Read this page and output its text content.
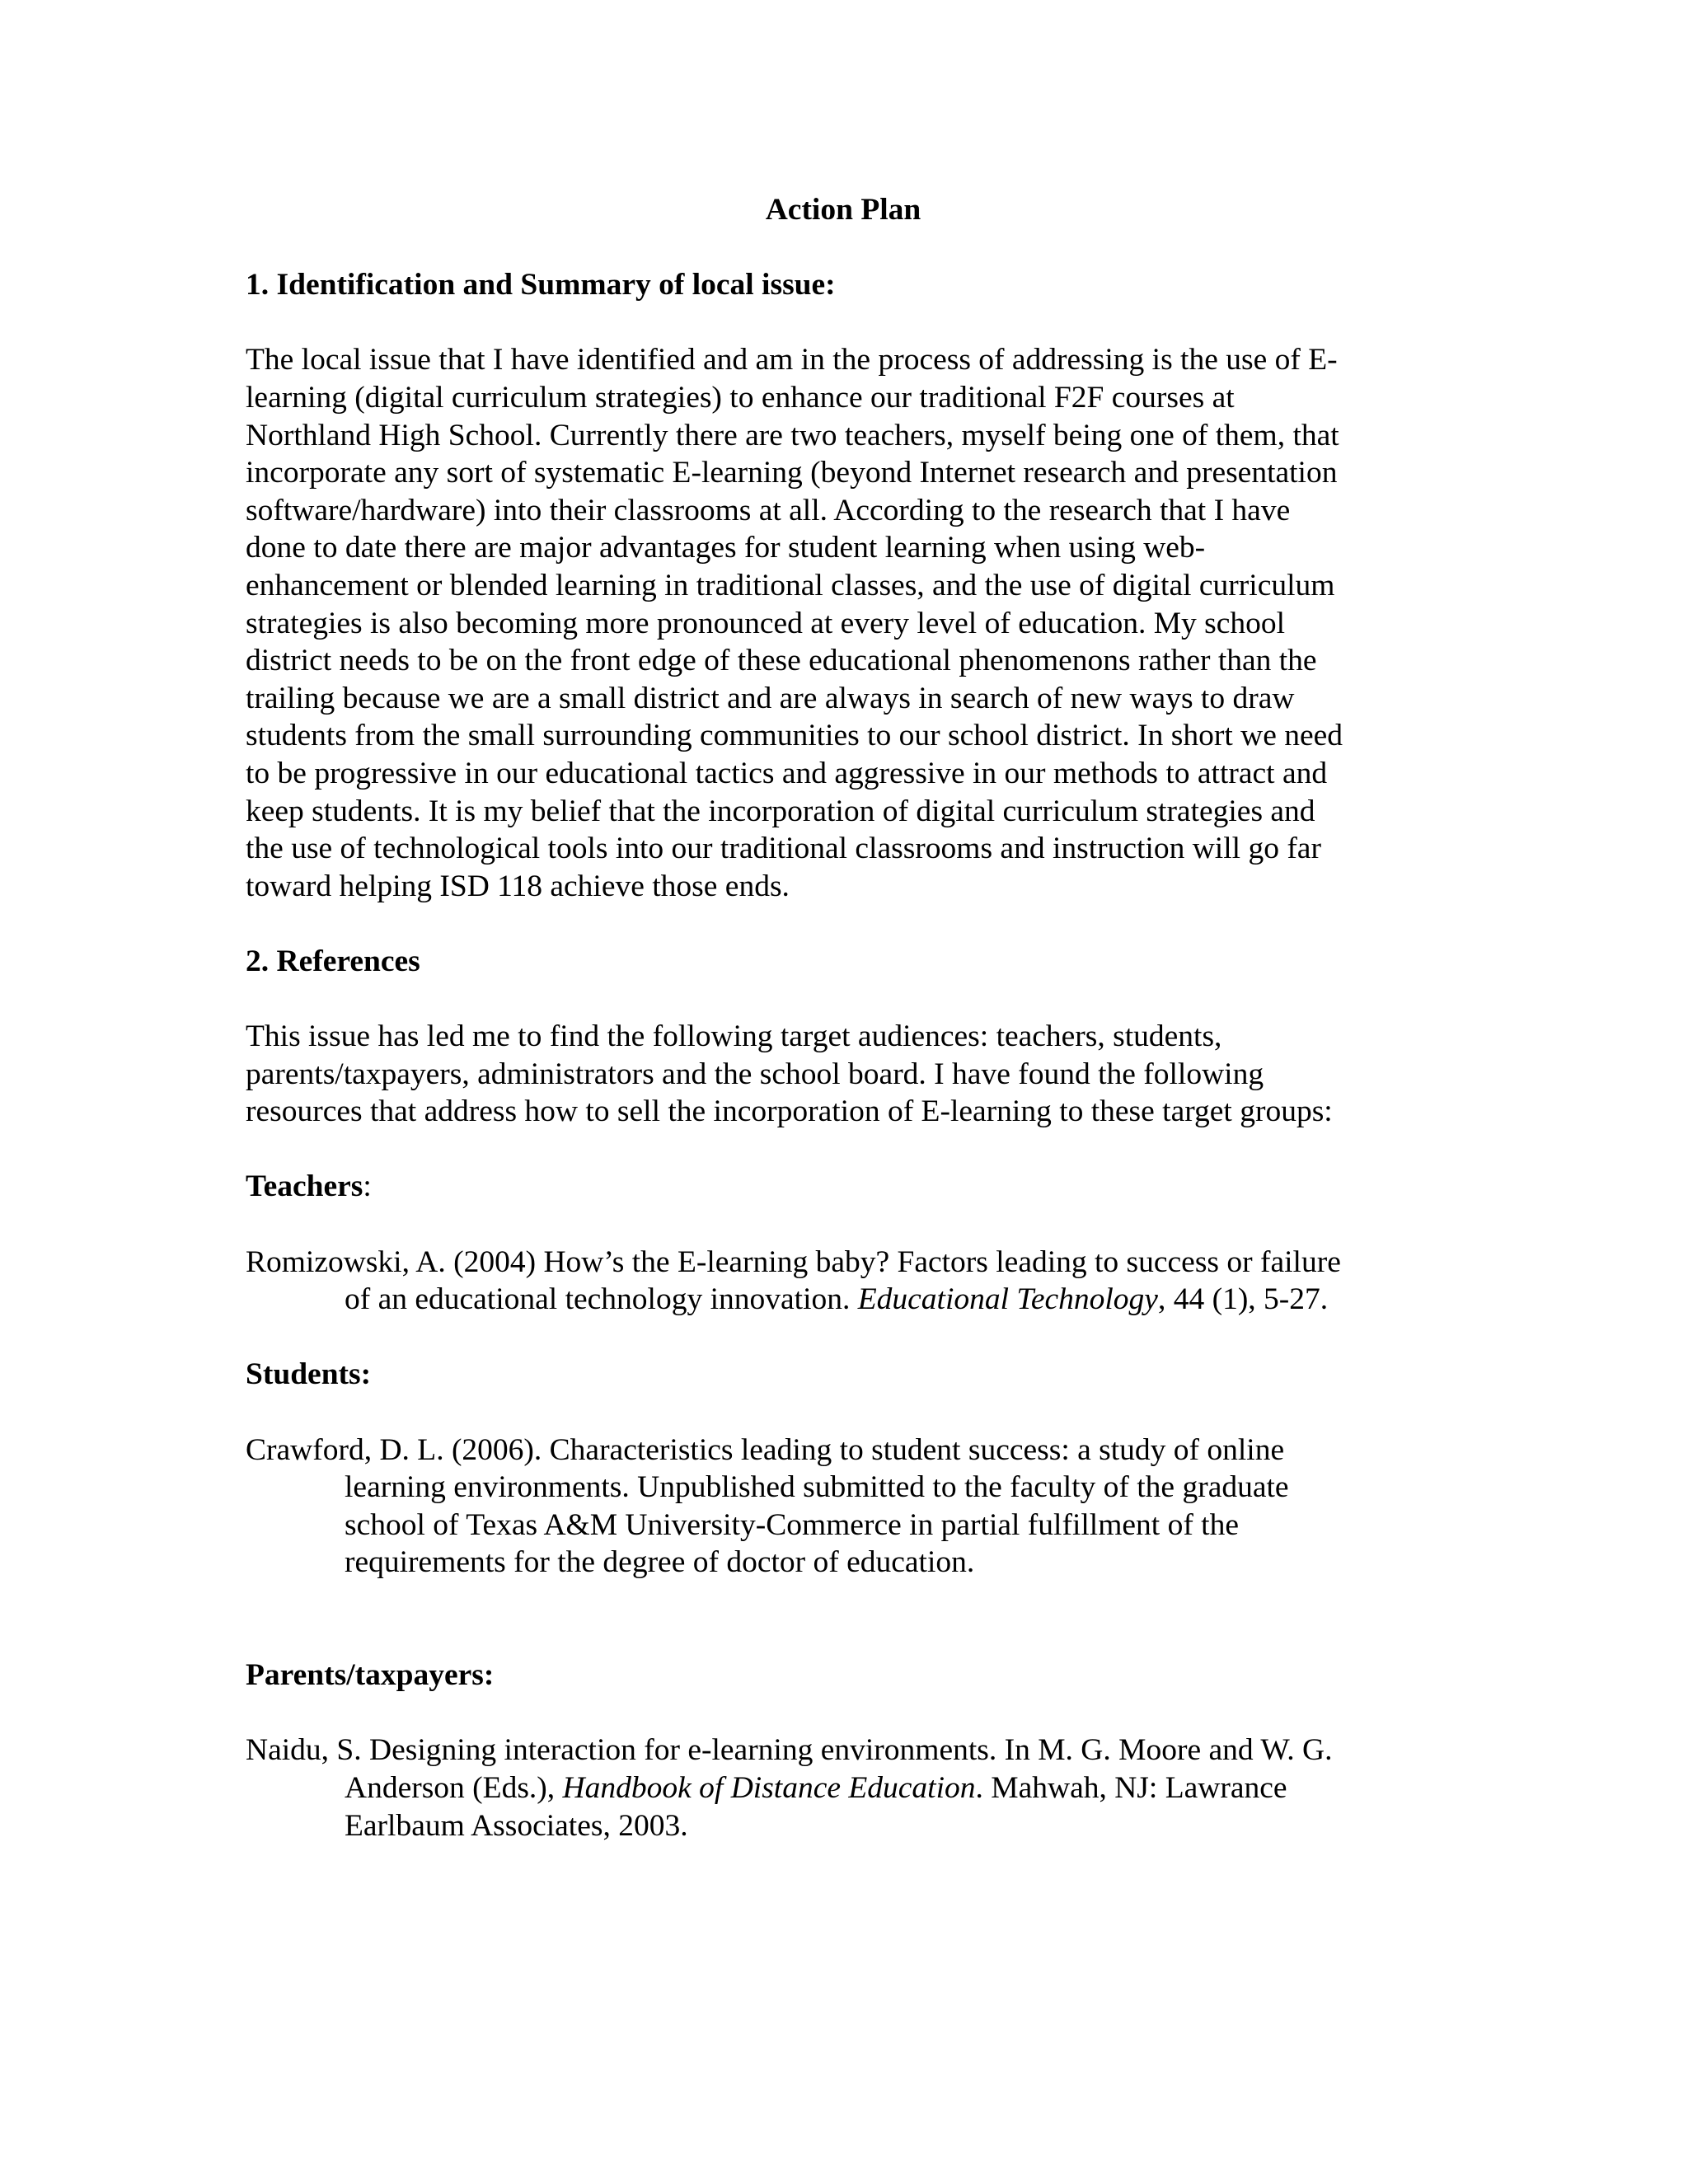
Action Plan
1. Identification and Summary of local issue:
The local issue that I have identified and am in the process of addressing is the use of E-
learning (digital curriculum strategies) to enhance our traditional F2F courses at
Northland High School. Currently there are two teachers, myself being one of them, that
incorporate any sort of systematic E-learning (beyond Internet research and presentation
software/hardware) into their classrooms at all. According to the research that I have
done to date there are major advantages for student learning when using web-
enhancement or blended learning in traditional classes, and the use of digital curriculum
strategies is also becoming more pronounced at every level of education. My school
district needs to be on the front edge of these educational phenomenons rather than the
trailing because we are a small district and are always in search of new ways to draw
students from the small surrounding communities to our school district. In short we need
to be progressive in our educational tactics and aggressive in our methods to attract and
keep students. It is my belief that the incorporation of digital curriculum strategies and
the use of technological tools into our traditional classrooms and instruction will go far
toward helping ISD 118 achieve those ends.
2. References
This issue has led me to find the following target audiences: teachers, students,
parents/taxpayers, administrators and the school board. I have found the following
resources that address how to sell the incorporation of E-learning to these target groups:
Teachers:
Romizowski, A. (2004) How’s the E-learning baby? Factors leading to success or failure
of an educational technology innovation. Educational Technology, 44 (1), 5-27.
Students:
Crawford, D. L. (2006). Characteristics leading to student success: a study of online
learning environments. Unpublished submitted to the faculty of the graduate
school of Texas A&M University-Commerce in partial fulfillment of the
requirements for the degree of doctor of education.
Parents/taxpayers:
Naidu, S. Designing interaction for e-learning environments. In M. G. Moore and W. G.
Anderson (Eds.), Handbook of Distance Education. Mahwah, NJ: Lawrance
Earlbaum Associates, 2003.
